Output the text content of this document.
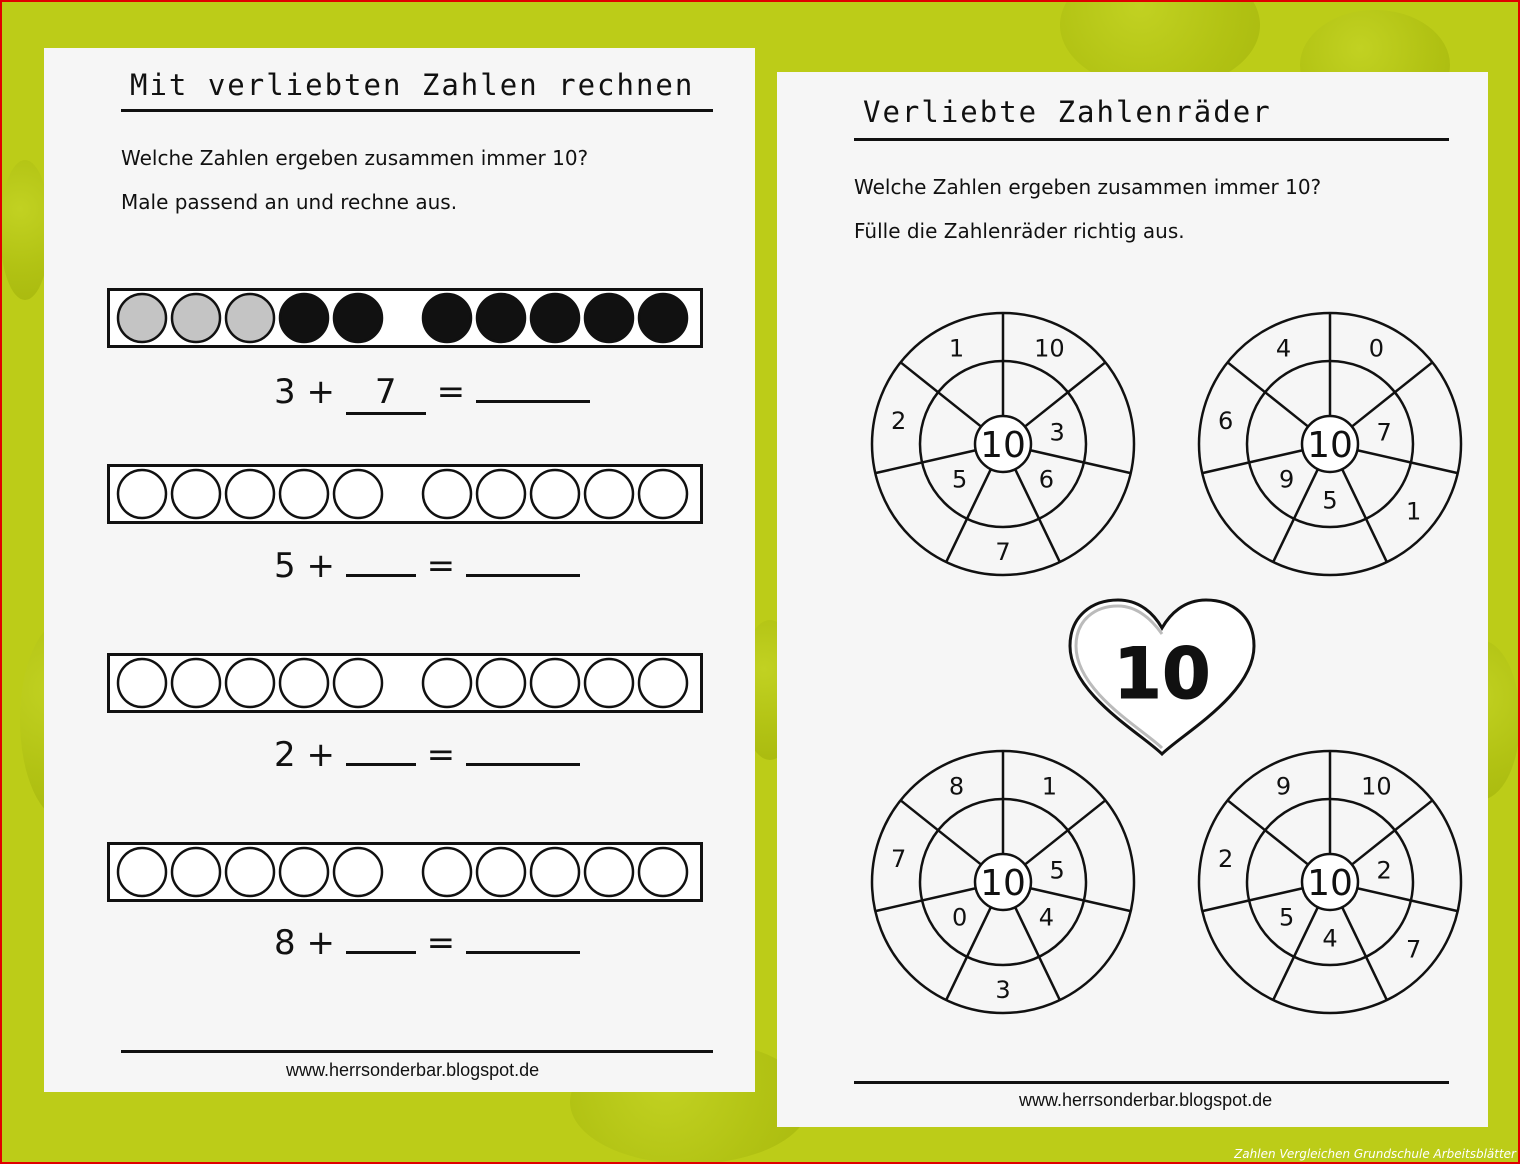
Mit verliebten Zahlen rechnen
Welche Zahlen ergeben zusammen immer 10?
Male passend an und rechne aus.
3 + 7 =
5 +	=
2 +	=
8 +	=
www.herrsonderbar.blogspot.de
Verliebte Zahlenräder
Welche Zahlen ergeben zusammen immer 10?
Fülle die Zahlenräder richtig aus.
10
10
3
6
7
5
2
1
10
0
7
1
5
9
6
4
10
1
5
4
3
0
7
8
10
10
2
7
4
5
2
9
10
www.herrsonderbar.blogspot.de
Zahlen Vergleichen Grundschule Arbeitsblätter
